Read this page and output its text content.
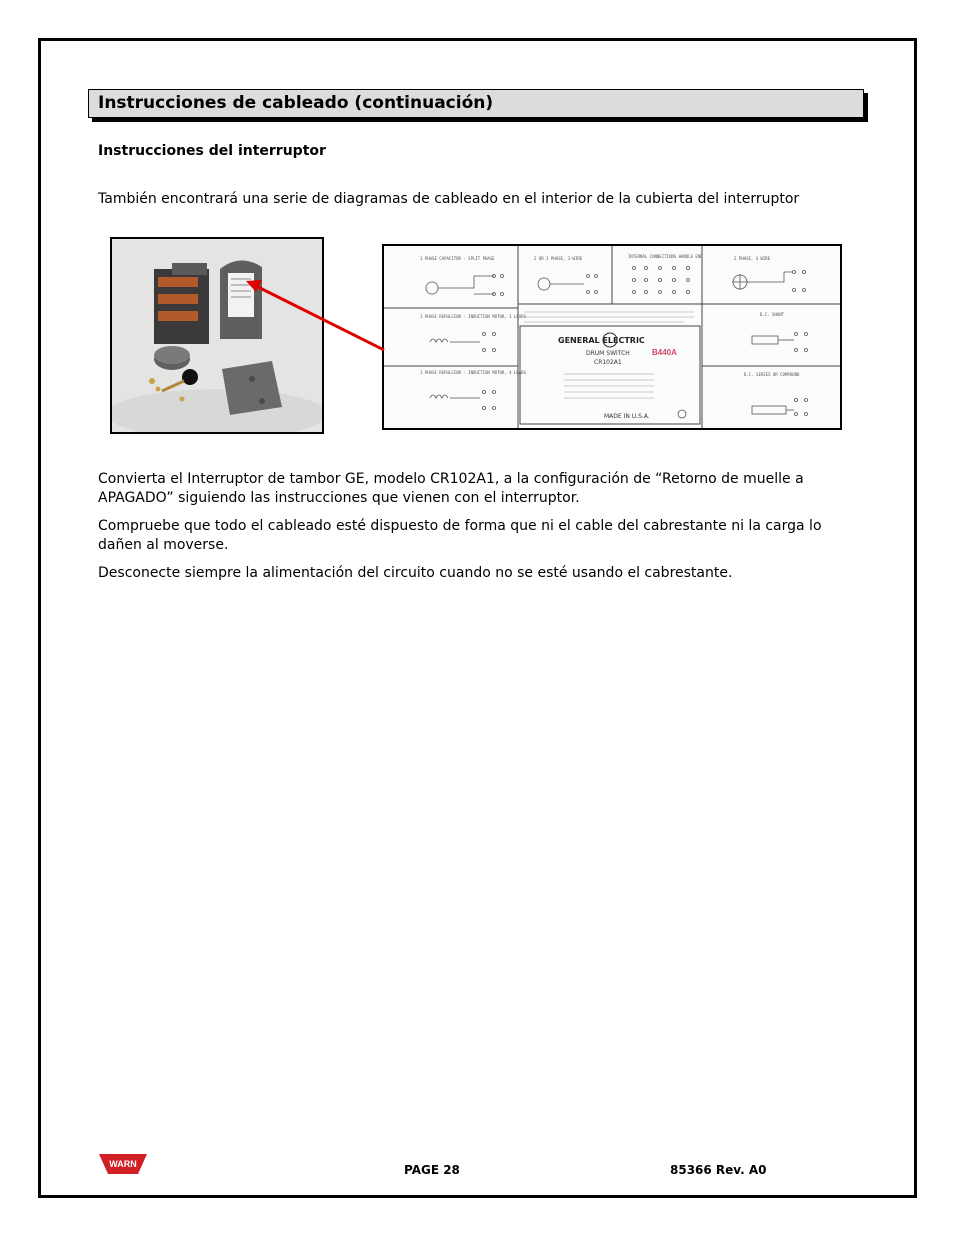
Instrucciones de cableado (continuación)
Instrucciones del interruptor
También encontrará una serie de diagramas de cableado en el interior de la cubierta del interruptor
1 PHASE CAPACITOR - SPLIT PHASE	2 OR 3 PHASE, 3-WIRE	INTERNAL CONNECTIONS HANDLE END	2 PHASE, 4 WIRE
1 PHASE REPULSION - INDUCTION MOTOR, 3 LEADS	D.C. SHUNT
1 PHASE REPULSION - INDUCTION MOTOR, 4 LEADS	D.C. SERIES OR COMPOUND
GENERAL ELECTRIC
DRUM SWITCH
CR102A1
B440A
MADE IN U.S.A.
Convierta el Interruptor de tambor GE, modelo CR102A1, a la configuración de “Retorno de muelle a APAGADO” siguiendo las instrucciones que vienen con el interruptor.
Compruebe que todo el cableado esté dispuesto de forma que ni el cable del cabrestante ni la carga lo dañen al moverse.
Desconecte siempre la alimentación del circuito cuando no se esté usando el cabrestante.
WARN	PAGE 28	85366 Rev. A0
